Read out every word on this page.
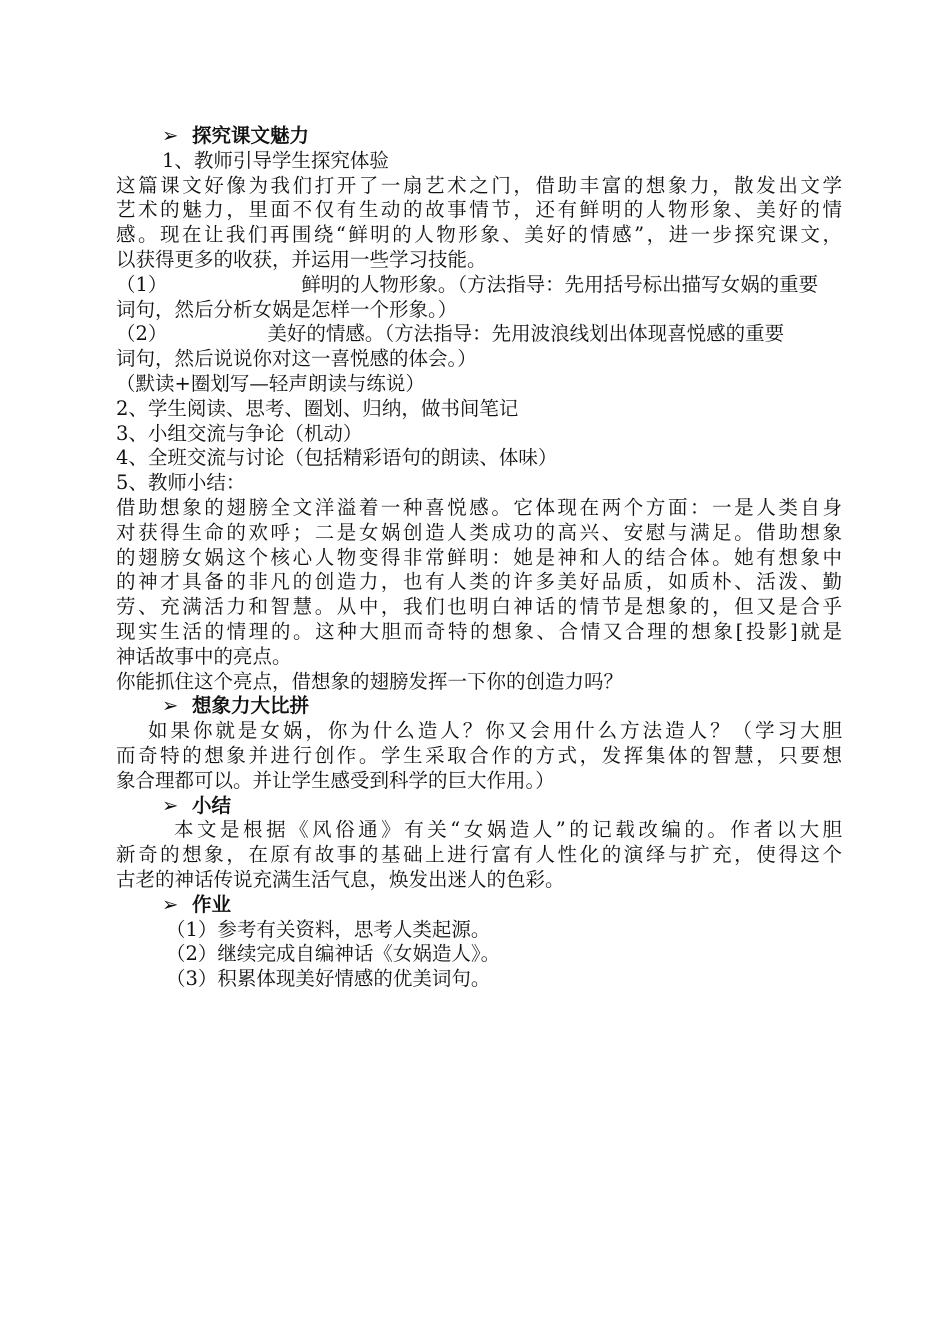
➢ 探究课文魅力
1、教师引导学生探究体验
这篇课文好像为我们打开了一扇艺术之门，借助丰富的想象力，散发出文学
艺术的魅力，里面不仅有生动的故事情节，还有鲜明的人物形象、美好的情
感。现在让我们再围绕“鲜明的人物形象、美好的情感”，进一步探究课文，
以获得更多的收获，并运用一些学习技能。
（1）	鲜明的人物形象。（方法指导：先用括号标出描写女娲的重要
词句，然后分析女娲是怎样一个形象。）
（2）	美好的情感。（方法指导：先用波浪线划出体现喜悦感的重要
词句，然后说说你对这一喜悦感的体会。）
（默读+圈划写—轻声朗读与练说）
2、学生阅读、思考、圈划、归纳，做书间笔记
3、小组交流与争论（机动）
4、全班交流与讨论（包括精彩语句的朗读、体味）
5、教师小结：
借助想象的翅膀全文洋溢着一种喜悦感。它体现在两个方面：一是人类自身
对获得生命的欢呼；二是女娲创造人类成功的高兴、安慰与满足。借助想象
的翅膀女娲这个核心人物变得非常鲜明：她是神和人的结合体。她有想象中
的神才具备的非凡的创造力，也有人类的许多美好品质，如质朴、活泼、勤
劳、充满活力和智慧。从中，我们也明白神话的情节是想象的，但又是合乎
现实生活的情理的。这种大胆而奇特的想象、合情又合理的想象[投影]就是
神话故事中的亮点。
你能抓住这个亮点，借想象的翅膀发挥一下你的创造力吗？
➢ 想象力大比拼
如果你就是女娲，你为什么造人？你又会用什么方法造人？（学习大胆
而奇特的想象并进行创作。学生采取合作的方式，发挥集体的智慧，只要想
象合理都可以。并让学生感受到科学的巨大作用。）
➢ 小结
本文是根据《风俗通》有关“女娲造人”的记载改编的。作者以大胆
新奇的想象，在原有故事的基础上进行富有人性化的演绎与扩充，使得这个
古老的神话传说充满生活气息，焕发出迷人的色彩。
➢ 作业
（1）参考有关资料，思考人类起源。
（2）继续完成自编神话《女娲造人》。
（3）积累体现美好情感的优美词句。
